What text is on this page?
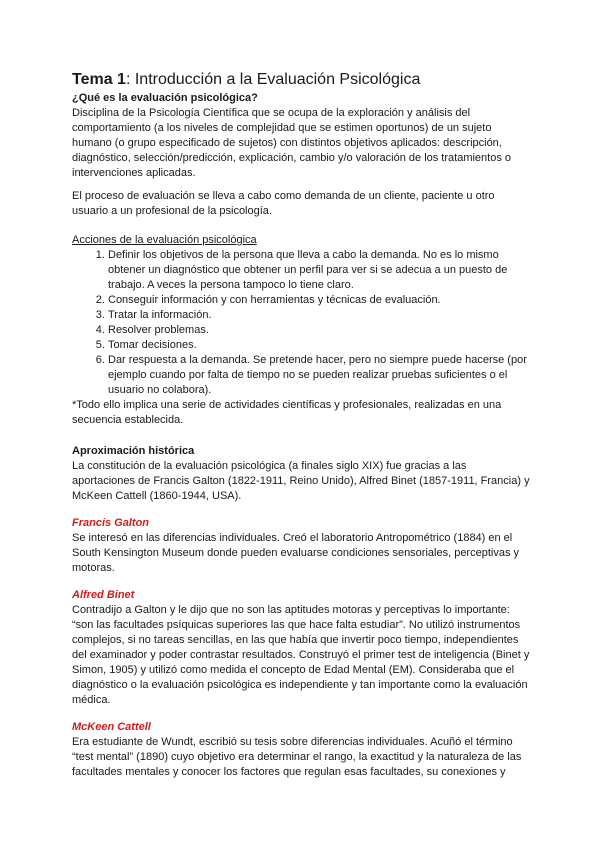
Tema 1: Introducción a la Evaluación Psicológica

¿Qué es la evaluación psicológica?

Disciplina de la Psicología Científica que se ocupa de la exploración y análisis del comportamiento (a los niveles de complejidad que se estimen oportunos) de un sujeto humano (o grupo especificado de sujetos) con distintos objetivos aplicados: descripción, diagnóstico, selección/predicción, explicación, cambio y/o valoración de los tratamientos o intervenciones aplicadas.

El proceso de evaluación se lleva a cabo como demanda de un cliente, paciente u otro usuario a un profesional de la psicología.

Acciones de la evaluación psicológica

1. Definir los objetivos de la persona que lleva a cabo la demanda. No es lo mismo obtener un diagnóstico que obtener un perfil para ver si se adecua a un puesto de trabajo. A veces la persona tampoco lo tiene claro.
2. Conseguir información y con herramientas y técnicas de evaluación.
3. Tratar la información.
4. Resolver problemas.
5. Tomar decisiones.
6. Dar respuesta a la demanda. Se pretende hacer, pero no siempre puede hacerse (por ejemplo cuando por falta de tiempo no se pueden realizar pruebas suficientes o el usuario no colabora).

*Todo ello implica una serie de actividades científicas y profesionales, realizadas en una secuencia establecida.

Aproximación histórica

La constitución de la evaluación psicológica (a finales siglo XIX) fue gracias a las aportaciones de Francis Galton (1822-1911, Reino Unido), Alfred Binet (1857-1911, Francia) y McKeen Cattell (1860-1944, USA).

Francis Galton

Se interesó en las diferencias individuales. Creó el laboratorio Antropométrico (1884) en el South Kensington Museum donde pueden evaluarse condiciones sensoriales, perceptivas y motoras.

Alfred Binet

Contradijo a Galton y le dijo que no son las aptitudes motoras y perceptivas lo importante: “son las facultades psíquicas superiores las que hace falta estudiar”. No utilizó instrumentos complejos, si no tareas sencillas, en las que había que invertir poco tiempo, independientes del examinador y poder contrastar resultados. Construyó el primer test de inteligencia (Binet y Simon, 1905) y utilizó como medida el concepto de Edad Mental (EM). Consideraba que el diagnóstico o la evaluación psicológica es independiente y tan importante como la evaluación médica.

McKeen Cattell

Era estudiante de Wundt, escribió su tesis sobre diferencias individuales. Acuñó el término “test mental” (1890) cuyo objetivo era determinar el rango, la exactitud y la naturaleza de las facultades mentales y conocer los factores que regulan esas facultades, su conexiones y
